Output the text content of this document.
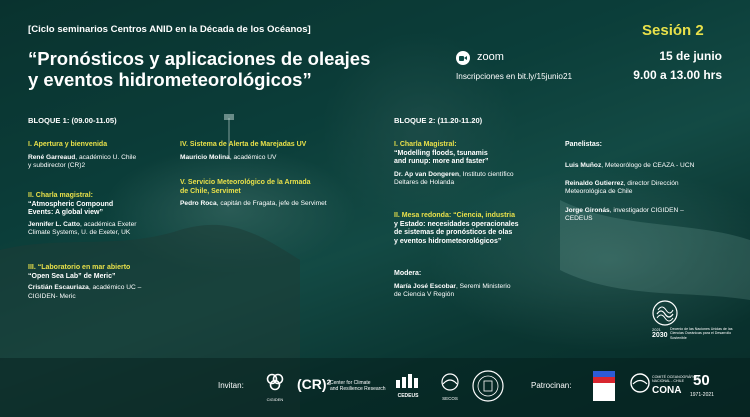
[Ciclo seminarios Centros ANID en la Década de los Océanos]
“Pronósticos y aplicaciones de oleajes
y eventos hidrometeorológicos”
Sesión 2
zoom
Inscripciones en bit.ly/15junio21
15 de junio
9.00 a 13.00 hrs
BLOQUE 1: (09.00-11.05)
I. Apertura y bienvenida
René Garreaud, académico U. Chile
y subdirector (CR)2
II. Charla magistral:
“Atmospheric Compound
Events: A global view”
Jennifer L. Catto, académica Exeter
Climate Systems, U. de Exeter, UK
III. “Laboratorio en mar abierto
“Open Sea Lab” de Meric”
Cristián Escauriaza, académico UC –
CIGIDEN- Meric
IV. Sistema de Alerta de Marejadas UV
Mauricio Molina, académico UV
V. Servicio Meteorológico de la Armada
de Chile, Servimet
Pedro Roca, capitán de Fragata, jefe de Servimet
BLOQUE 2: (11.20-11.20)
I. Charla Magistral:
“Modelling floods, tsunamis
and runup: more and faster”
Dr. Ap van Dongeren, Instituto científico
Deltares de Holanda
II. Mesa redonda: “Ciencia, industria
y Estado: necesidades operacionales
de sistemas de pronósticos de olas
y eventos hidrometeorológicos”
Modera:
María José Escobar, Seremi Ministerio
de Ciencia V Región
Panelistas:
Luis Muñoz, Meteorólogo de CEAZA - UCN
Reinaldo Gutierrez, director Dirección
Meteorológica de Chile
Jorge Gironás, investigador CIGIDEN –
CEDEUS
2021
2030
Decenio de las Naciones Unidas de las Ciencias Oceánicas para el Desarrollo Sostenible
Invitan:
CIGIDEN
(CR)²
Center for Climate
and Resilience Research
CEDEUS	SECOS
Patrocinan:
COMITÉ OCEANOGRÁFICO NACIONAL - CHILE
CONA
50
1971-2021
